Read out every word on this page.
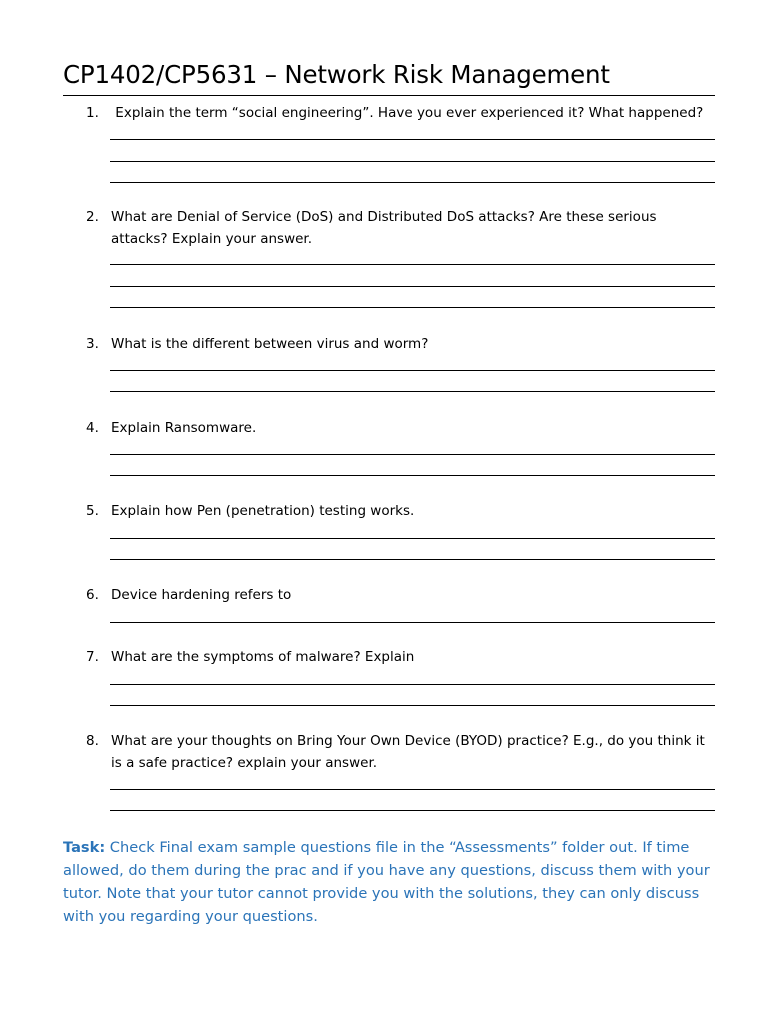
CP1402/CP5631 – Network Risk Management
1. Explain the term “social engineering”. Have you ever experienced it? What happened?
2. What are Denial of Service (DoS) and Distributed DoS attacks? Are these serious attacks? Explain your answer.
3. What is the different between virus and worm?
4. Explain Ransomware.
5. Explain how Pen (penetration) testing works.
6. Device hardening refers to
7. What are the symptoms of malware? Explain
8. What are your thoughts on Bring Your Own Device (BYOD) practice? E.g., do you think it is a safe practice? explain your answer.

Task: Check Final exam sample questions file in the “Assessments” folder out. If time allowed, do them during the prac and if you have any questions, discuss them with your tutor. Note that your tutor cannot provide you with the solutions, they can only discuss with you regarding your questions.
